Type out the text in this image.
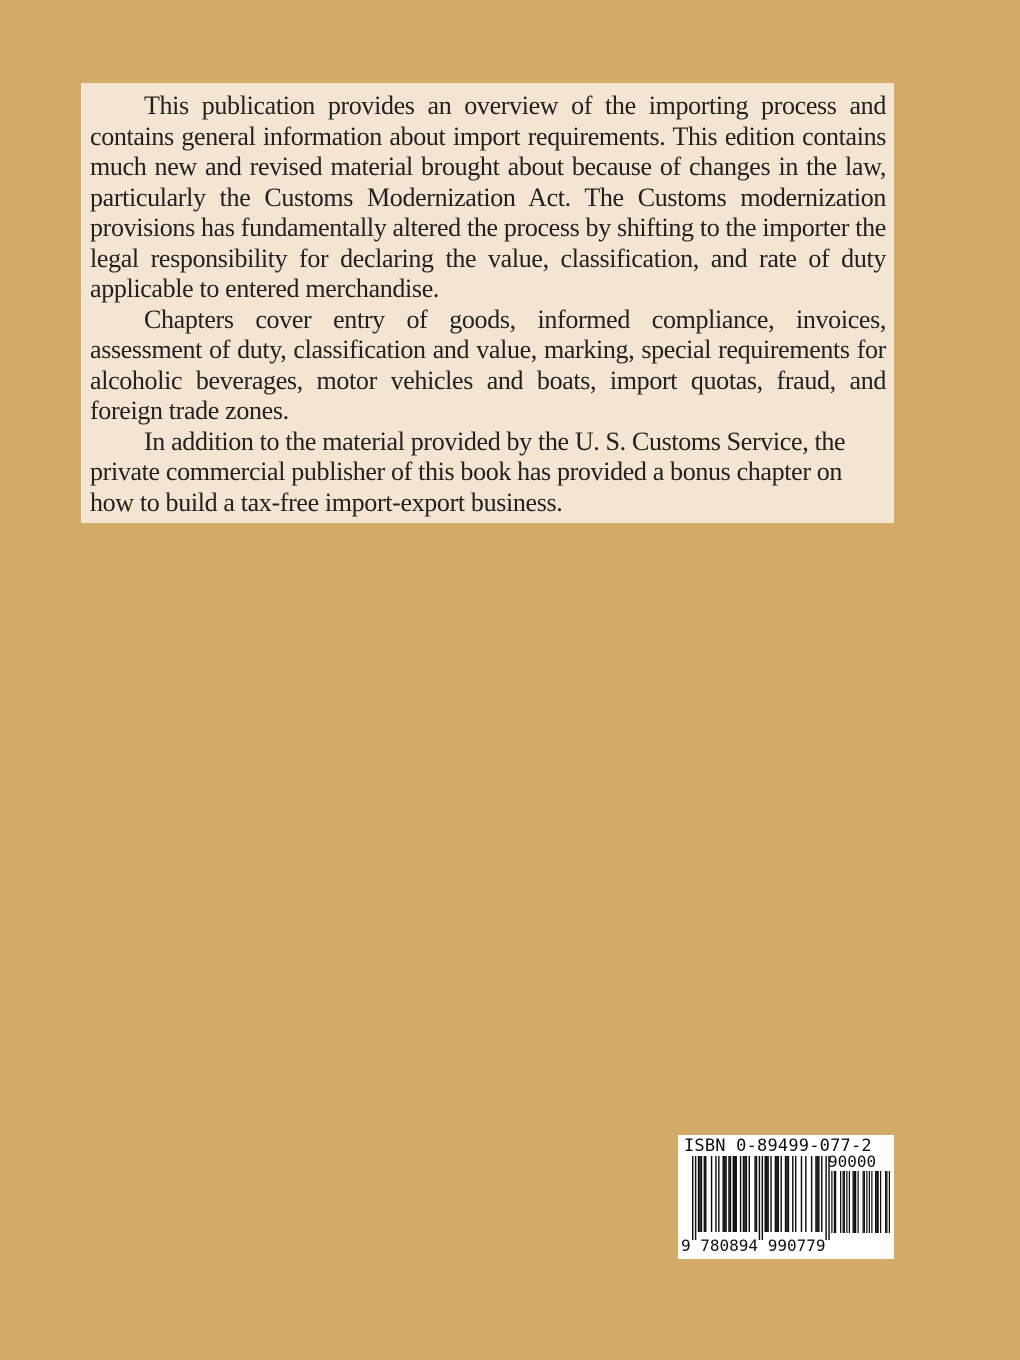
This publication provides an overview of the importing process and contains general information about import requirements. This edition contains much new and revised material brought about because of changes in the law, particularly the Customs Modernization Act. The Customs modernization provisions has fundamentally altered the process by shifting to the importer the legal responsibility for declaring the value, classification, and rate of duty applicable to entered merchandise.

Chapters cover entry of goods, informed compliance, invoices, assessment of duty, classification and value, marking, special requirements for alcoholic beverages, motor vehicles and boats, import quotas, fraud, and foreign trade zones.

In addition to the material provided by the U. S. Customs Service, the private commercial publisher of this book has provided a bonus chapter on how to build a tax-free import-export business.

ISBN 0-89499-077-2
90000
9 780894 990779
